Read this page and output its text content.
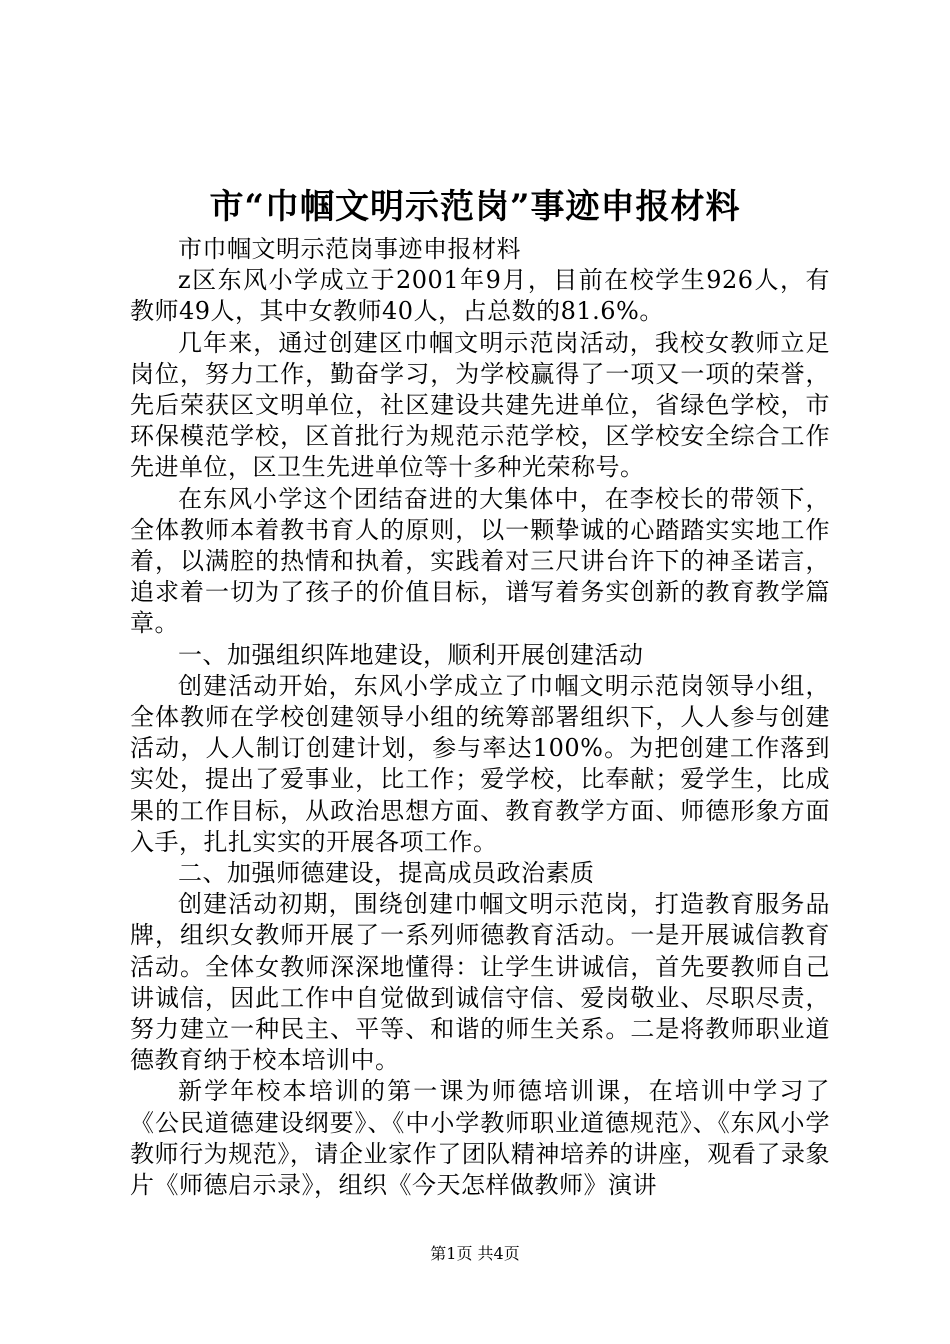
市“巾帼文明示范岗”事迹申报材料

市巾帼文明示范岗事迹申报材料

z区东风小学成立于2001年9月，目前在校学生926人，有教师49人，其中女教师40人，占总数的81.6%。

几年来，通过创建区巾帼文明示范岗活动，我校女教师立足岗位，努力工作，勤奋学习，为学校赢得了一项又一项的荣誉，先后荣获区文明单位，社区建设共建先进单位，省绿色学校，市环保模范学校，区首批行为规范示范学校，区学校安全综合工作先进单位，区卫生先进单位等十多种光荣称号。

在东风小学这个团结奋进的大集体中，在李校长的带领下，全体教师本着教书育人的原则，以一颗挚诚的心踏踏实实地工作着，以满腔的热情和执着，实践着对三尺讲台许下的神圣诺言，追求着一切为了孩子的价值目标，谱写着务实创新的教育教学篇章。

一、加强组织阵地建设，顺利开展创建活动

创建活动开始，东风小学成立了巾帼文明示范岗领导小组，全体教师在学校创建领导小组的统筹部署组织下，人人参与创建活动，人人制订创建计划，参与率达100%。为把创建工作落到实处，提出了爱事业，比工作；爱学校，比奉献；爱学生，比成果的工作目标，从政治思想方面、教育教学方面、师德形象方面入手，扎扎实实的开展各项工作。

二、加强师德建设，提高成员政治素质

创建活动初期，围绕创建巾帼文明示范岗，打造教育服务品牌，组织女教师开展了一系列师德教育活动。一是开展诚信教育活动。全体女教师深深地懂得：让学生讲诚信，首先要教师自己讲诚信，因此工作中自觉做到诚信守信、爱岗敬业、尽职尽责，努力建立一种民主、平等、和谐的师生关系。二是将教师职业道德教育纳于校本培训中。

新学年校本培训的第一课为师德培训课，在培训中学习了《公民道德建设纲要》、《中小学教师职业道德规范》、《东风小学教师行为规范》，请企业家作了团队精神培养的讲座，观看了录象片《师德启示录》，组织《今天怎样做教师》演讲

第1页 共4页
